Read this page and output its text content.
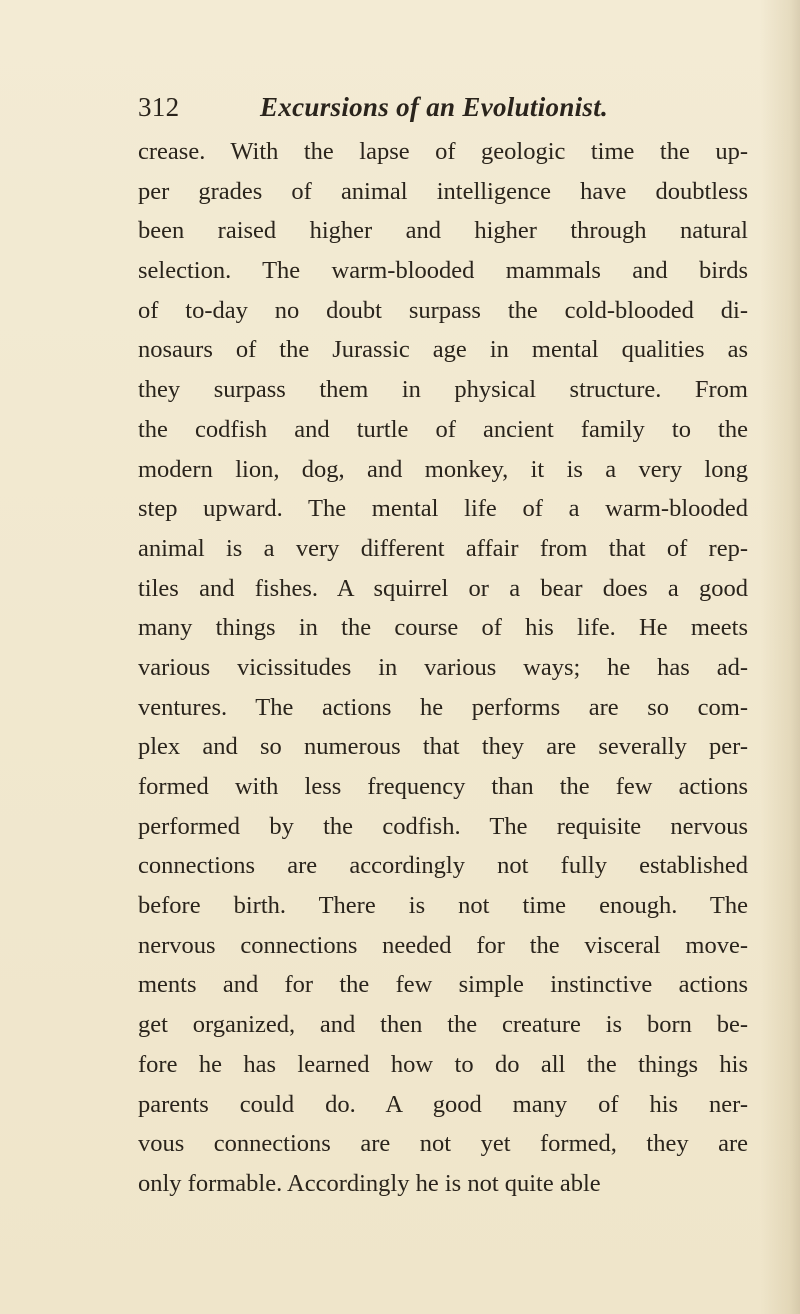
312	Excursions of an Evolutionist.
crease. With the lapse of geologic time the up-
per grades of animal intelligence have doubtless
been raised higher and higher through natural
selection. The warm-blooded mammals and birds
of to-day no doubt surpass the cold-blooded di-
nosaurs of the Jurassic age in mental qualities as
they surpass them in physical structure. From
the codfish and turtle of ancient family to the
modern lion, dog, and monkey, it is a very long
step upward. The mental life of a warm-blooded
animal is a very different affair from that of rep-
tiles and fishes. A squirrel or a bear does a good
many things in the course of his life. He meets
various vicissitudes in various ways; he has ad-
ventures. The actions he performs are so com-
plex and so numerous that they are severally per-
formed with less frequency than the few actions
performed by the codfish. The requisite nervous
connections are accordingly not fully established
before birth. There is not time enough. The
nervous connections needed for the visceral move-
ments and for the few simple instinctive actions
get organized, and then the creature is born be-
fore he has learned how to do all the things his
parents could do. A good many of his ner-
vous connections are not yet formed, they are
only formable. Accordingly he is not quite able
